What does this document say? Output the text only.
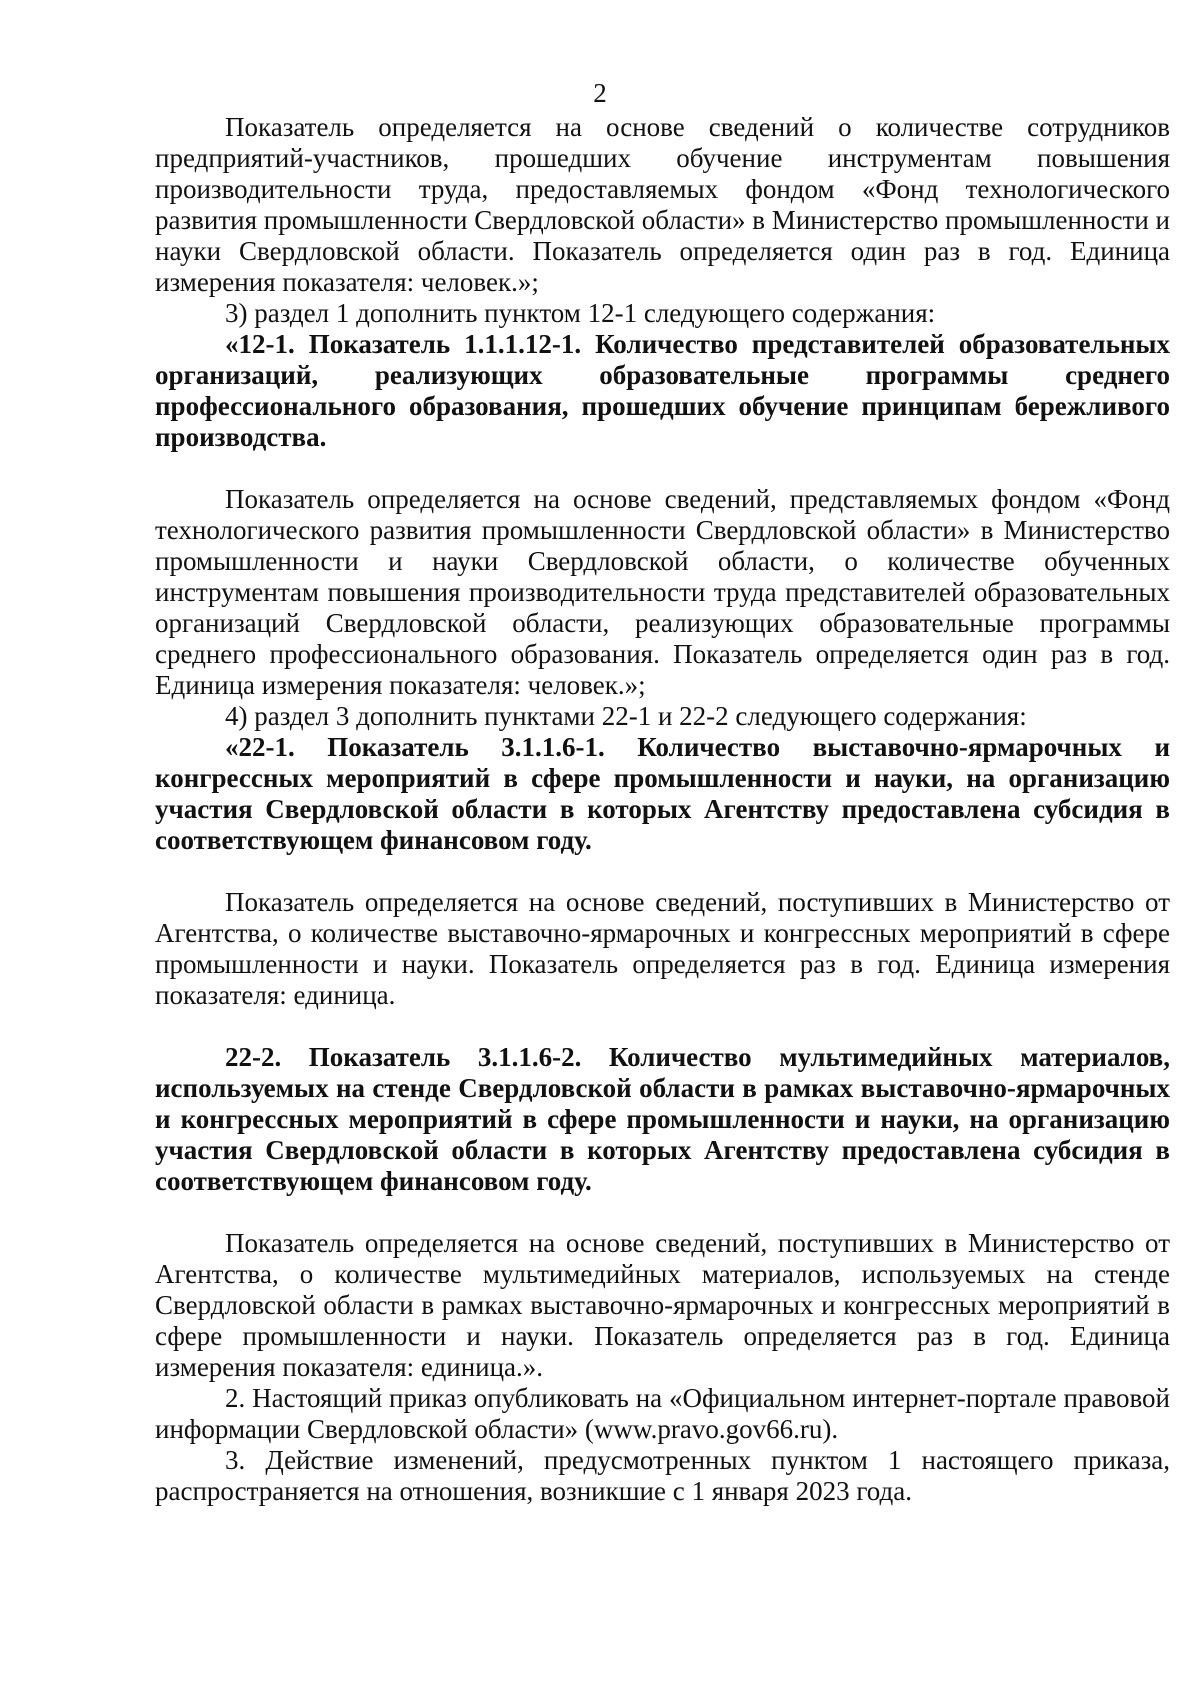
2

Показатель определяется на основе сведений о количестве сотрудников предприятий-участников, прошедших обучение инструментам повышения производительности труда, предоставляемых фондом «Фонд технологического развития промышленности Свердловской области» в Министерство промышленности и науки Свердловской области. Показатель определяется один раз в год. Единица измерения показателя: человек.»;

3) раздел 1 дополнить пунктом 12-1 следующего содержания:

«12-1. Показатель 1.1.1.12-1. Количество представителей образовательных организаций, реализующих образовательные программы среднего профессионального образования, прошедших обучение принципам бережливого производства.

Показатель определяется на основе сведений, представляемых фондом «Фонд технологического развития промышленности Свердловской области» в Министерство промышленности и науки Свердловской области, о количестве обученных инструментам повышения производительности труда представителей образовательных организаций Свердловской области, реализующих образовательные программы среднего профессионального образования. Показатель определяется один раз в год. Единица измерения показателя: человек.»;

4) раздел 3 дополнить пунктами 22-1 и 22-2 следующего содержания:

«22-1. Показатель 3.1.1.6-1. Количество выставочно-ярмарочных и конгрессных мероприятий в сфере промышленности и науки, на организацию участия Свердловской области в которых Агентству предоставлена субсидия в соответствующем финансовом году.

Показатель определяется на основе сведений, поступивших в Министерство от Агентства, о количестве выставочно-ярмарочных и конгрессных мероприятий в сфере промышленности и науки. Показатель определяется раз в год. Единица измерения показателя: единица.

22-2. Показатель 3.1.1.6-2. Количество мультимедийных материалов, используемых на стенде Свердловской области в рамках выставочно-ярмарочных и конгрессных мероприятий в сфере промышленности и науки, на организацию участия Свердловской области в которых Агентству предоставлена субсидия в соответствующем финансовом году.

Показатель определяется на основе сведений, поступивших в Министерство от Агентства, о количестве мультимедийных материалов, используемых на стенде Свердловской области в рамках выставочно-ярмарочных и конгрессных мероприятий в сфере промышленности и науки. Показатель определяется раз в год. Единица измерения показателя: единица.».

2. Настоящий приказ опубликовать на «Официальном интернет-портале правовой информации Свердловской области» (www.pravo.gov66.ru).

3. Действие изменений, предусмотренных пунктом 1 настоящего приказа, распространяется на отношения, возникшие с 1 января 2023 года.
